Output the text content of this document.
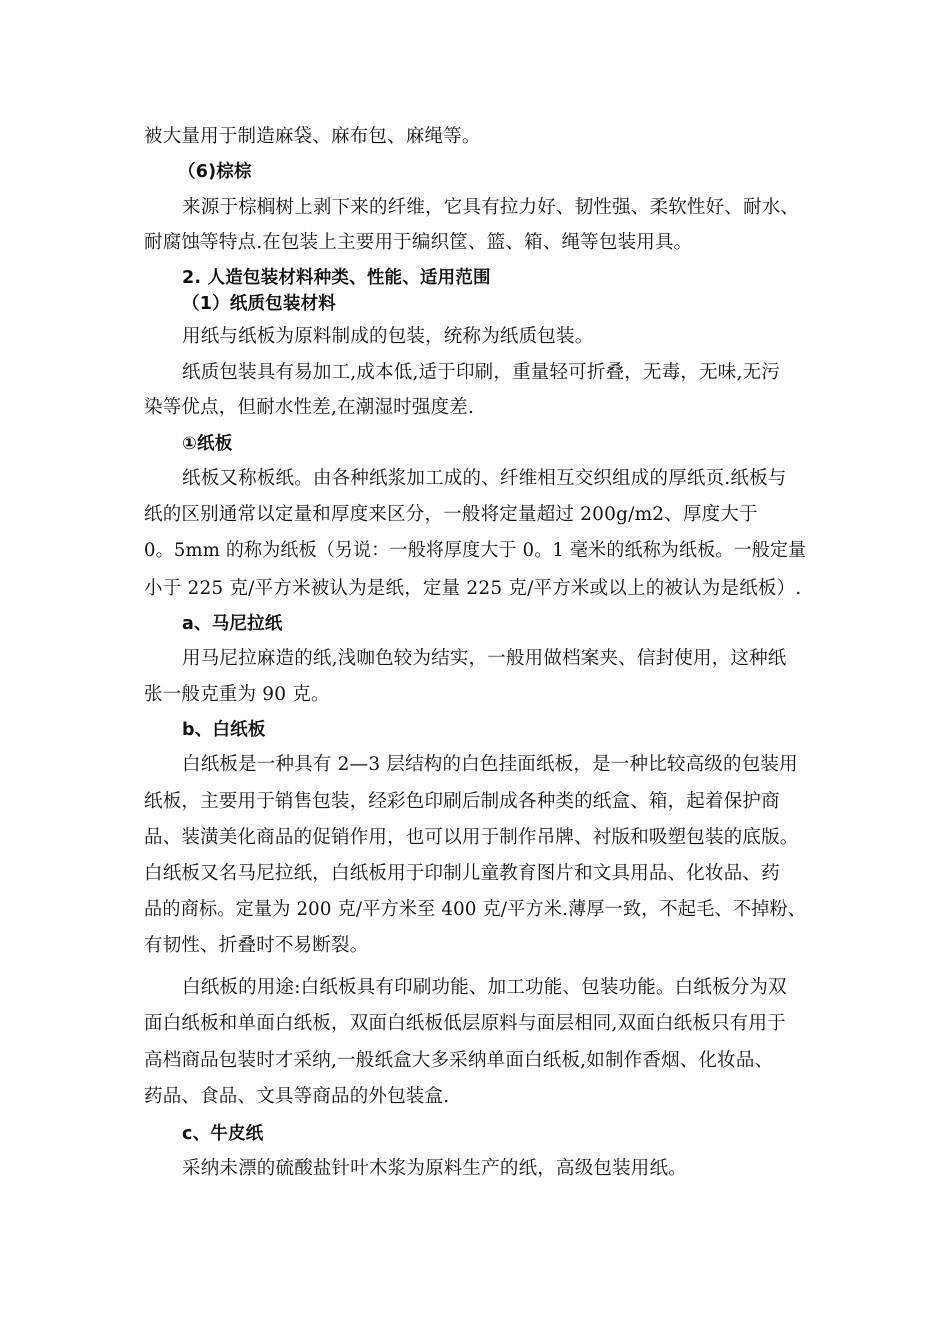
被大量用于制造麻袋、麻布包、麻绳等。
（6)棕棕
来源于棕榈树上剥下来的纤维，它具有拉力好、韧性强、柔软性好、耐水、
耐腐蚀等特点.在包装上主要用于编织筐、篮、箱、绳等包装用具。
2. 人造包装材料种类、性能、适用范围
（1）纸质包装材料
用纸与纸板为原料制成的包装，统称为纸质包装。
纸质包装具有易加工,成本低,适于印刷，重量轻可折叠，无毒，无味,无污
染等优点，但耐水性差,在潮湿时强度差.
①纸板
纸板又称板纸。由各种纸浆加工成的、纤维相互交织组成的厚纸页.纸板与
纸的区别通常以定量和厚度来区分，一般将定量超过 200g/m2、厚度大于
0。5mm 的称为纸板（另说：一般将厚度大于 0。1 毫米的纸称为纸板。一般定量
小于 225 克/平方米被认为是纸，定量 225 克/平方米或以上的被认为是纸板）.
a、马尼拉纸
用马尼拉麻造的纸,浅咖色较为结实，一般用做档案夹、信封使用，这种纸
张一般克重为 90 克。
b、白纸板
白纸板是一种具有 2—3 层结构的白色挂面纸板，是一种比较高级的包装用
纸板，主要用于销售包装，经彩色印刷后制成各种类的纸盒、箱，起着保护商
品、装潢美化商品的促销作用，也可以用于制作吊牌、衬版和吸塑包装的底版。
白纸板又名马尼拉纸，白纸板用于印制儿童教育图片和文具用品、化妆品、药
品的商标。定量为 200 克/平方米至 400 克/平方米.薄厚一致，不起毛、不掉粉、
有韧性、折叠时不易断裂。
白纸板的用途:白纸板具有印刷功能、加工功能、包装功能。白纸板分为双
面白纸板和单面白纸板，双面白纸板低层原料与面层相同,双面白纸板只有用于
高档商品包装时才采纳,一般纸盒大多采纳单面白纸板,如制作香烟、化妆品、
药品、食品、文具等商品的外包装盒.
c、牛皮纸
采纳未漂的硫酸盐针叶木浆为原料生产的纸，高级包装用纸。
